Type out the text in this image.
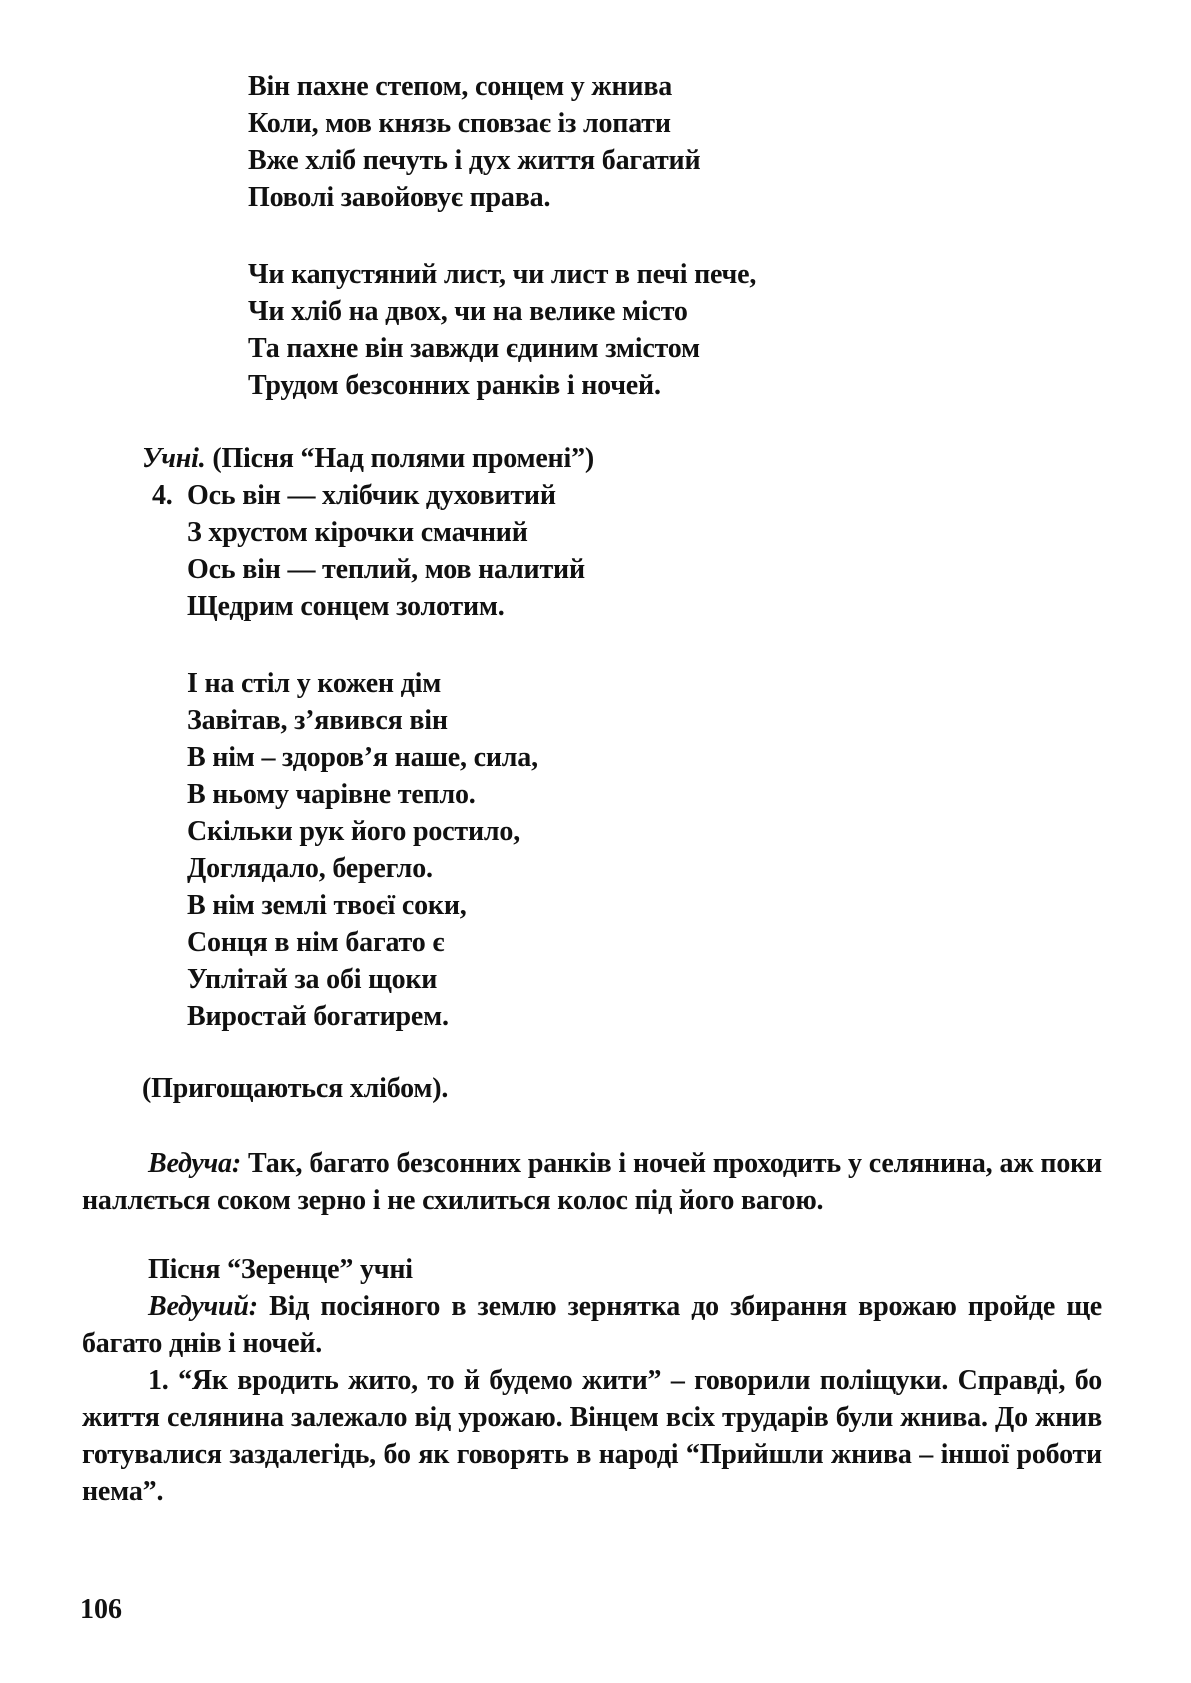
Він пахне степом, сонцем у жнива
Коли, мов князь сповзає із лопати
Вже хліб печуть і дух життя багатий
Поволі завойовує права.
Чи капустяний лист, чи лист в печі пече,
Чи хліб на двох, чи на велике місто
Та пахне він завжди єдиним змістом
Трудом безсонних ранків і ночей.
Учні. (Пісня “Над полями промені”)
4. Ось він — хлібчик духовитий
З хрустом кірочки смачний
Ось він — теплий, мов налитий
Щедрим сонцем золотим.
І на стіл у кожен дім
Завітав, з’явився він
В нім – здоров’я наше, сила,
В ньому чарівне тепло.
Скільки рук його ростило,
Доглядало, берегло.
В нім землі твоєї соки,
Сонця в нім багато є
Уплітай за обі щоки
Виростай богатирем.
(Пригощаються хлібом).
Ведуча: Так, багато безсонних ранків і ночей проходить у селянина, аж поки наллється соком зерно і не схилиться колос під його вагою.
Пісня “Зеренце” учні
Ведучий: Від посіяного в землю зернятка до збирання врожаю пройде ще багато днів і ночей.
1. “Як вродить жито, то й будемо жити” – говорили поліщуки. Справді, бо життя селянина залежало від урожаю. Вінцем всіх трударів були жнива. До жнив готувалися заздалегідь, бо як говорять в народі “Прийшли жнива – іншої роботи нема”.
106
